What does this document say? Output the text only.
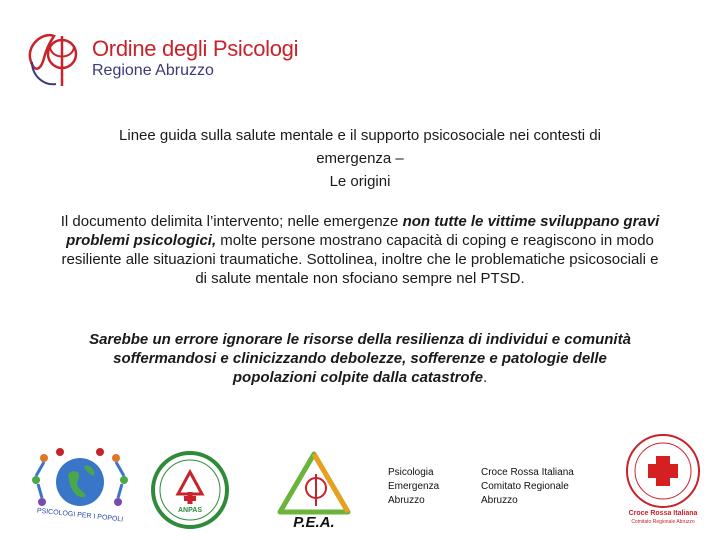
Ordine degli Psicologi
Regione Abruzzo
Linee guida sulla salute mentale e il supporto psicosociale nei contesti di
emergenza –
Le origini
Il documento delimita l’intervento; nelle emergenze non tutte le vittime sviluppano gravi problemi psicologici, molte persone mostrano capacità di coping e reagiscono in modo resiliente alle situazioni traumatiche. Sottolinea, inoltre che le problematiche psicosociali e di salute mentale non sfociano sempre nel PTSD.
Sarebbe un errore ignorare le risorse della resilienza di individui e comunità soffermandosi e clinicizzando debolezze, sofferenze e patologie delle popolazioni colpite dalla catastrofe.
PSICOLOGI PER I POPOLI	ANPAS
P.E.A.
Psicologia
Emergenza
Abruzzo
Croce Rossa Italiana
Comitato Regionale
Abruzzo
Croce Rossa Italiana
Comitato Regionale Abruzzo
